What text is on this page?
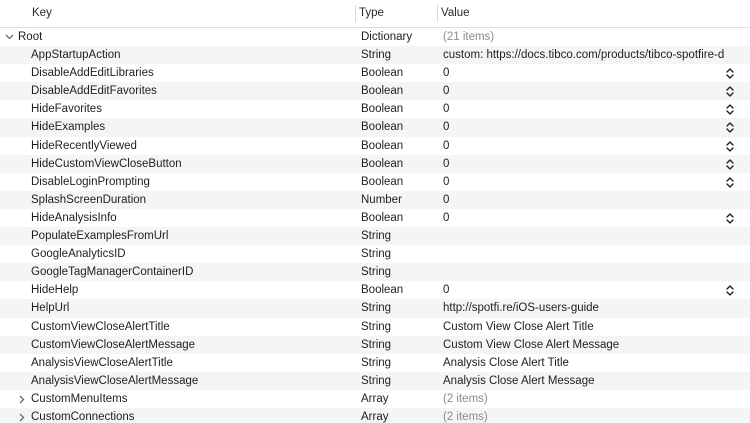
Key	Type	Value
Root	Dictionary	(21 items)
AppStartupAction	String	custom: https://docs.tibco.com/products/tibco-spotfire-d
DisableAddEditLibraries	Boolean	0
DisableAddEditFavorites	Boolean	0
HideFavorites	Boolean	0
HideExamples	Boolean	0
HideRecentlyViewed	Boolean	0
HideCustomViewCloseButton	Boolean	0
DisableLoginPrompting	Boolean	0
SplashScreenDuration	Number	0
HideAnalysisInfo	Boolean	0
PopulateExamplesFromUrl	String
GoogleAnalyticsID	String
GoogleTagManagerContainerID	String
HideHelp	Boolean	0
HelpUrl	String	http://spotfi.re/iOS-users-guide
CustomViewCloseAlertTitle	String	Custom View Close Alert Title
CustomViewCloseAlertMessage	String	Custom View Close Alert Message
AnalysisViewCloseAlertTitle	String	Analysis Close Alert Title
AnalysisViewCloseAlertMessage	String	Analysis Close Alert Message
CustomMenuItems	Array	(2 items)
CustomConnections	Array	(2 items)
